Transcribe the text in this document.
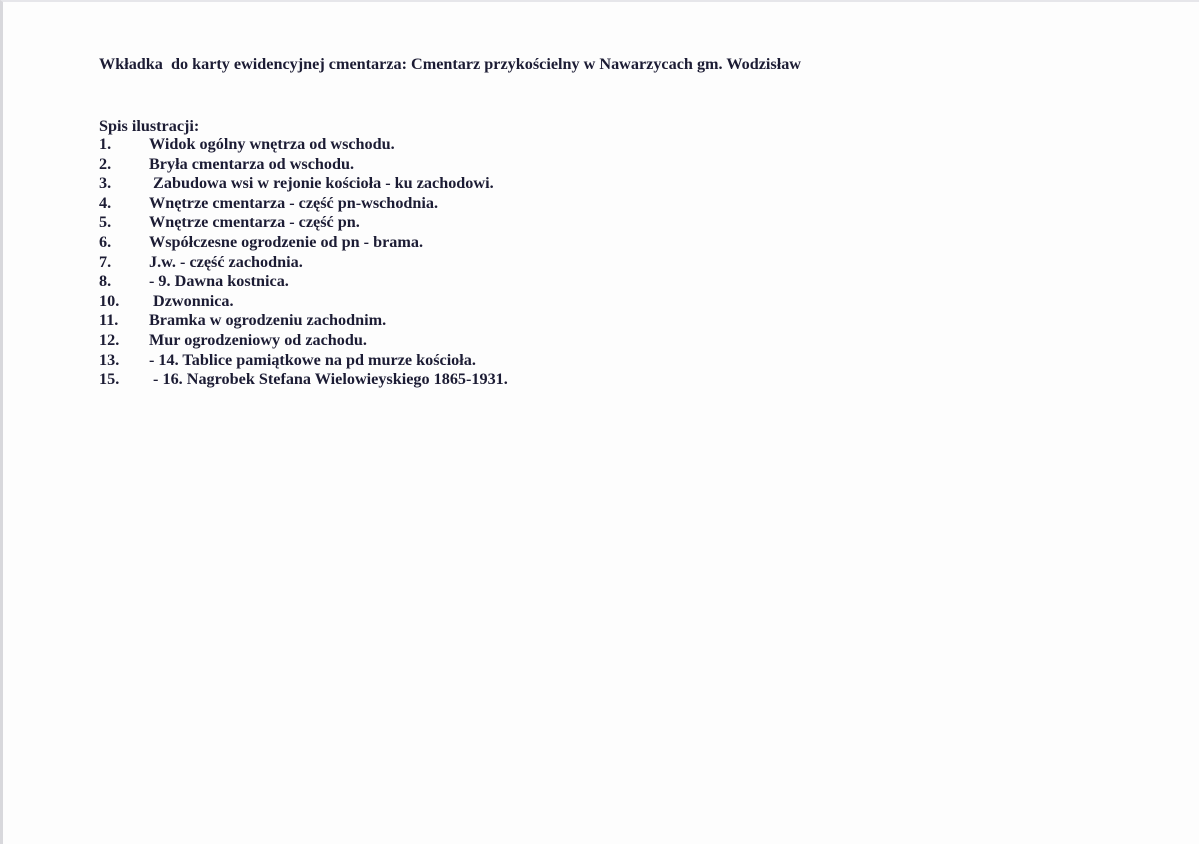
Wkładka  do karty ewidencyjnej cmentarza: Cmentarz przykościelny w Nawarzycach gm. Wodzisław
Spis ilustracji:
1.	Widok ogólny wnętrza od wschodu.
2.	Bryła cmentarza od wschodu.
3.	Zabudowa wsi w rejonie kościoła - ku zachodowi.
4.	Wnętrze cmentarza - część pn-wschodnia.
5.	Wnętrze cmentarza - część pn.
6.	Współczesne ogrodzenie od pn - brama.
7.	J.w. - część zachodnia.
8.	- 9. Dawna kostnica.
10.	Dzwonnica.
11.	Bramka w ogrodzeniu zachodnim.
12.	Mur ogrodzeniowy od zachodu.
13.	- 14. Tablice pamiątkowe na pd murze kościoła.
15.	- 16. Nagrobek Stefana Wielowieyskiego 1865-1931.
